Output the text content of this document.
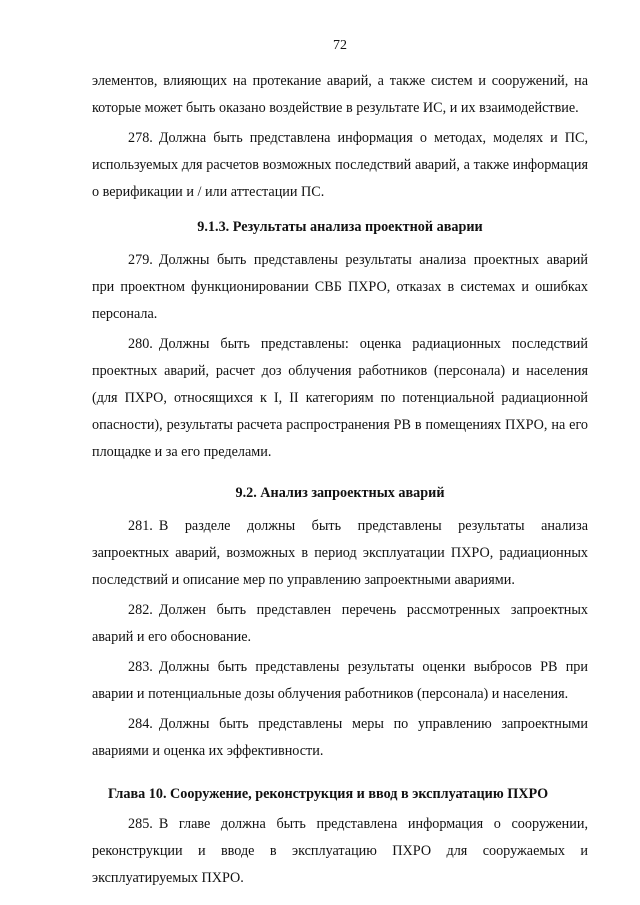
72

элементов, влияющих на протекание аварий, а также систем и сооружений, на которые может быть оказано воздействие в результате ИС, и их взаимодействие.

278. Должна быть представлена информация о методах, моделях и ПС, используемых для расчетов возможных последствий аварий, а также информация о верификации и / или аттестации ПС.

9.1.3. Результаты анализа проектной аварии

279. Должны быть представлены результаты анализа проектных аварий при проектном функционировании СВБ ПХРО, отказах в системах и ошибках персонала.

280. Должны быть представлены: оценка радиационных последствий проектных аварий, расчет доз облучения работников (персонала) и населения (для ПХРО, относящихся к I, II категориям по потенциальной радиационной опасности), результаты расчета распространения РВ в помещениях ПХРО, на его площадке и за его пределами.

9.2. Анализ запроектных аварий

281. В разделе должны быть представлены результаты анализа запроектных аварий, возможных в период эксплуатации ПХРО, радиационных последствий и описание мер по управлению запроектными авариями.

282. Должен быть представлен перечень рассмотренных запроектных аварий и его обоснование.

283. Должны быть представлены результаты оценки выбросов РВ при аварии и потенциальные дозы облучения работников (персонала) и населения.

284. Должны быть представлены меры по управлению запроектными авариями и оценка их эффективности.

Глава 10. Сооружение, реконструкция и ввод в эксплуатацию ПХРО

285. В главе должна быть представлена информация о сооружении, реконструкции и вводе в эксплуатацию ПХРО для сооружаемых и эксплуатируемых ПХРО.
